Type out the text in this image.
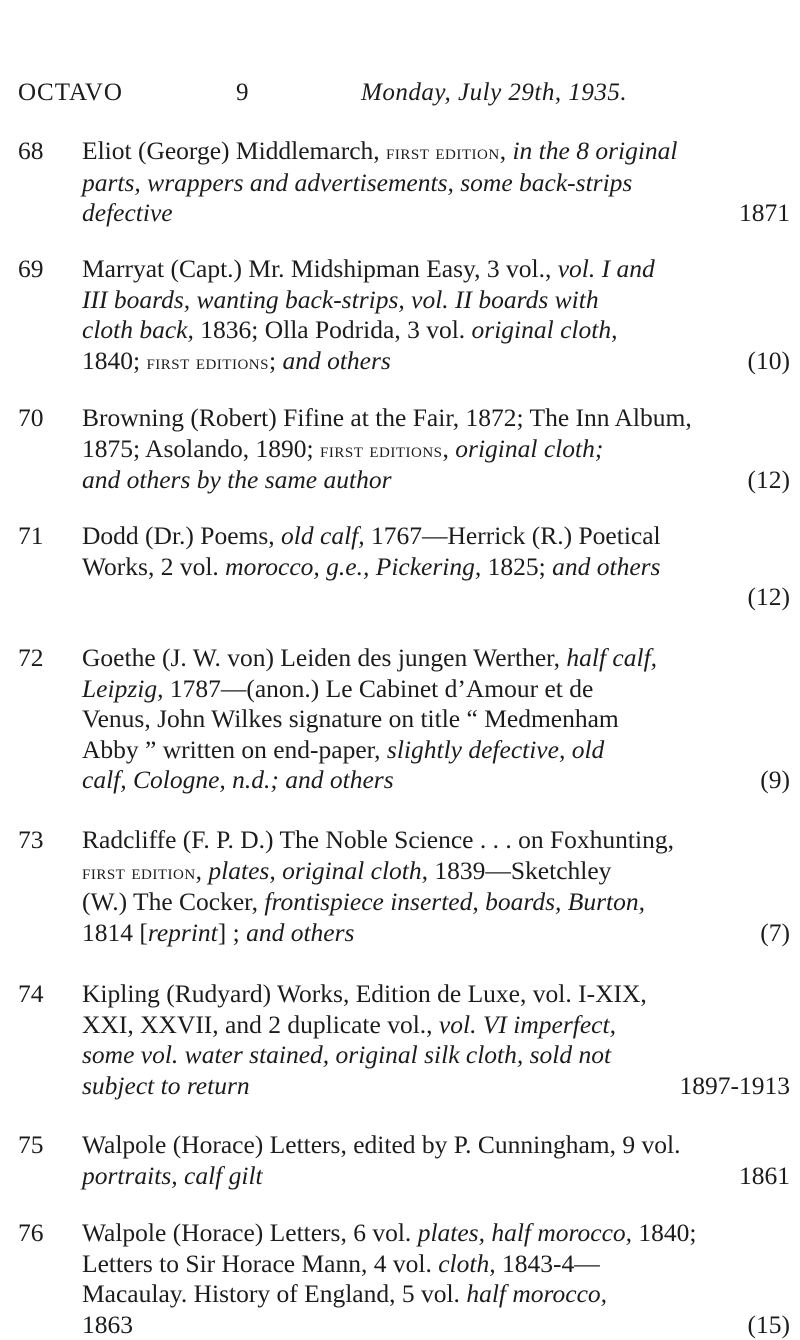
OCTAVO	9	Monday, July 29th, 1935.
68	Eliot (George) Middlemarch, first edition, in the 8 original
parts, wrappers and advertisements, some back-strips
defective	1871
69	Marryat (Capt.) Mr. Midshipman Easy, 3 vol., vol. I and
III boards, wanting back-strips, vol. II boards with
cloth back, 1836; Olla Podrida, 3 vol. original cloth,
1840; first editions; and others	(10)
70	Browning (Robert) Fifine at the Fair, 1872; The Inn Album,
1875; Asolando, 1890; first editions, original cloth;
and others by the same author	(12)
71	Dodd (Dr.) Poems, old calf, 1767—Herrick (R.) Poetical
Works, 2 vol. morocco, g.e., Pickering, 1825; and others
(12)
72	Goethe (J. W. von) Leiden des jungen Werther, half calf,
Leipzig, 1787—(anon.) Le Cabinet d’Amour et de
Venus, John Wilkes signature on title “ Medmenham
Abby ” written on end-paper, slightly defective, old
calf, Cologne, n.d.; and others	(9)
73	Radcliffe (F. P. D.) The Noble Science . . . on Foxhunting,
first edition, plates, original cloth, 1839—Sketchley
(W.) The Cocker, frontispiece inserted, boards, Burton,
1814 [reprint] ; and others	(7)
74	Kipling (Rudyard) Works, Edition de Luxe, vol. I-XIX,
XXI, XXVII, and 2 duplicate vol., vol. VI imperfect,
some vol. water stained, original silk cloth, sold not
subject to return	1897-1913
75	Walpole (Horace) Letters, edited by P. Cunningham, 9 vol.
portraits, calf gilt	1861
76	Walpole (Horace) Letters, 6 vol. plates, half morocco, 1840;
Letters to Sir Horace Mann, 4 vol. cloth, 1843-4—
Macaulay. History of England, 5 vol. half morocco,
1863	(15)
